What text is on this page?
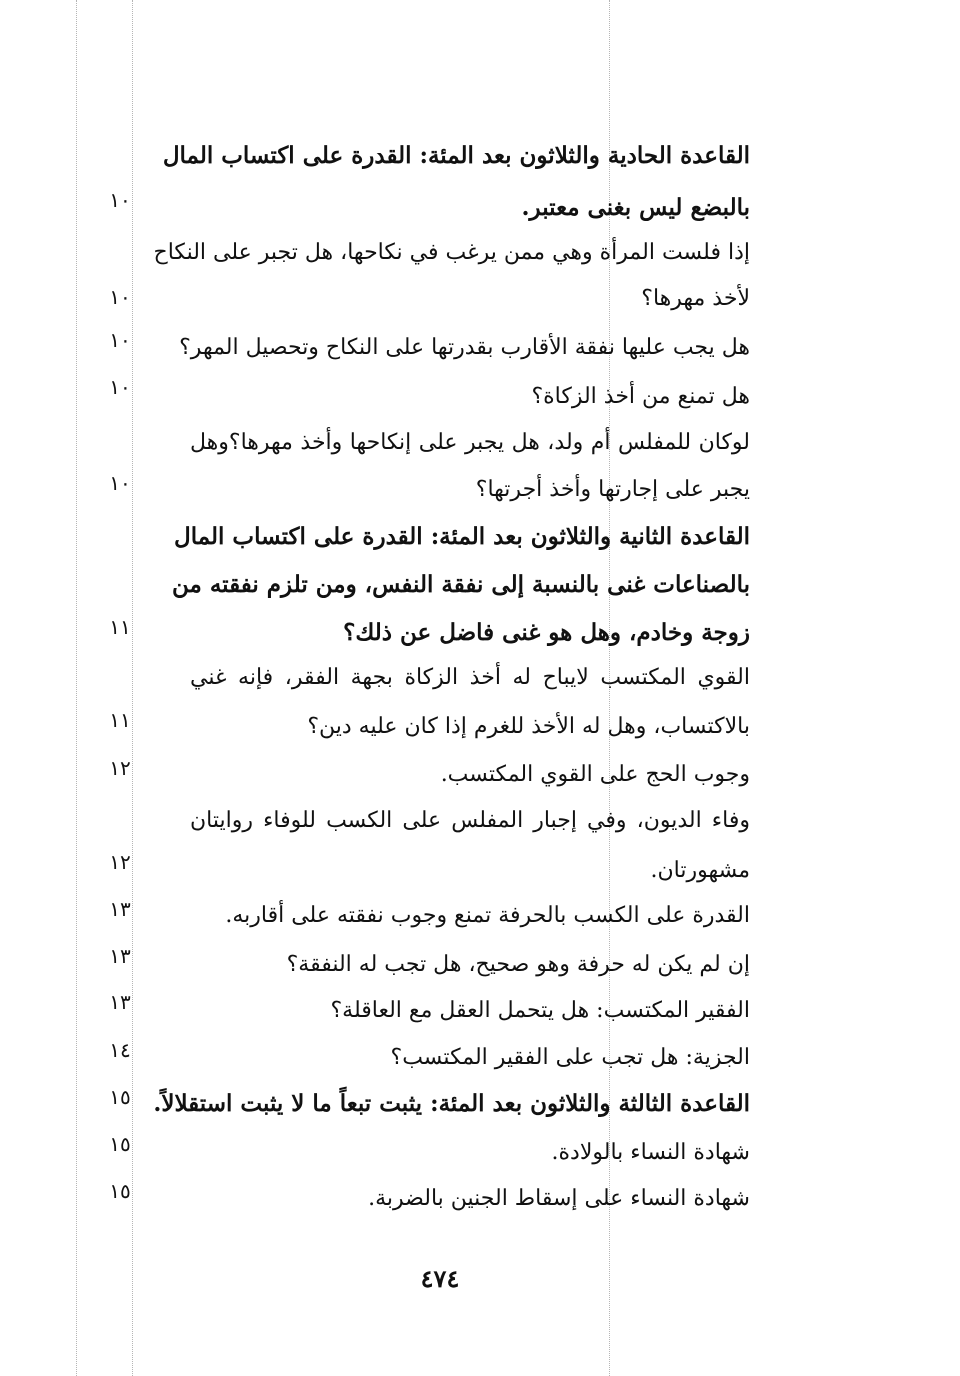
القاعدة الحادية والثلاثون بعد المئة: القدرة على اكتساب المال
بالبضع ليس بغنى معتبر.
إذا فلست المرأة وهي ممن يرغب في نكاحها، هل تجبر على النكاح
لأخذ مهرها؟
هل يجب عليها نفقة الأقارب بقدرتها على النكاح وتحصيل المهر؟
هل تمنع من أخذ الزكاة؟
لوكان للمفلس أم ولد، هل يجبر على إنكاحها وأخذ مهرها؟وهل
يجبر على إجارتها وأخذ أجرتها؟
القاعدة الثانية والثلاثون بعد المئة: القدرة على اكتساب المال
بالصناعات غنى بالنسبة إلى نفقة النفس، ومن تلزم نفقته من
زوجة وخادم، وهل هو غنى فاضل عن ذلك؟
القوي المكتسب لايباح له أخذ الزكاة بجهة الفقر، فإنه غني
بالاكتساب، وهل له الأخذ للغرم إذا كان عليه دين؟
وجوب الحج على القوي المكتسب.
وفاء الديون، وفي إجبار المفلس على الكسب للوفاء روايتان
مشهورتان.
القدرة على الكسب بالحرفة تمنع وجوب نفقته على أقاربه.
إن لم يكن له حرفة وهو صحيح، هل تجب له النفقة؟
الفقير المكتسب: هل يتحمل العقل مع العاقلة؟
الجزية: هل تجب على الفقير المكتسب؟
القاعدة الثالثة والثلاثون بعد المئة: يثبت تبعاً ما لا يثبت استقلالاً.
شهادة النساء بالولادة.
شهادة النساء على إسقاط الجنين بالضربة.
١٠
١٠
١٠
١٠
١٠
١١
١١
١٢
١٢
١٣
١٣
١٣
١٤
١٥
١٥
١٥
٤٧٤
